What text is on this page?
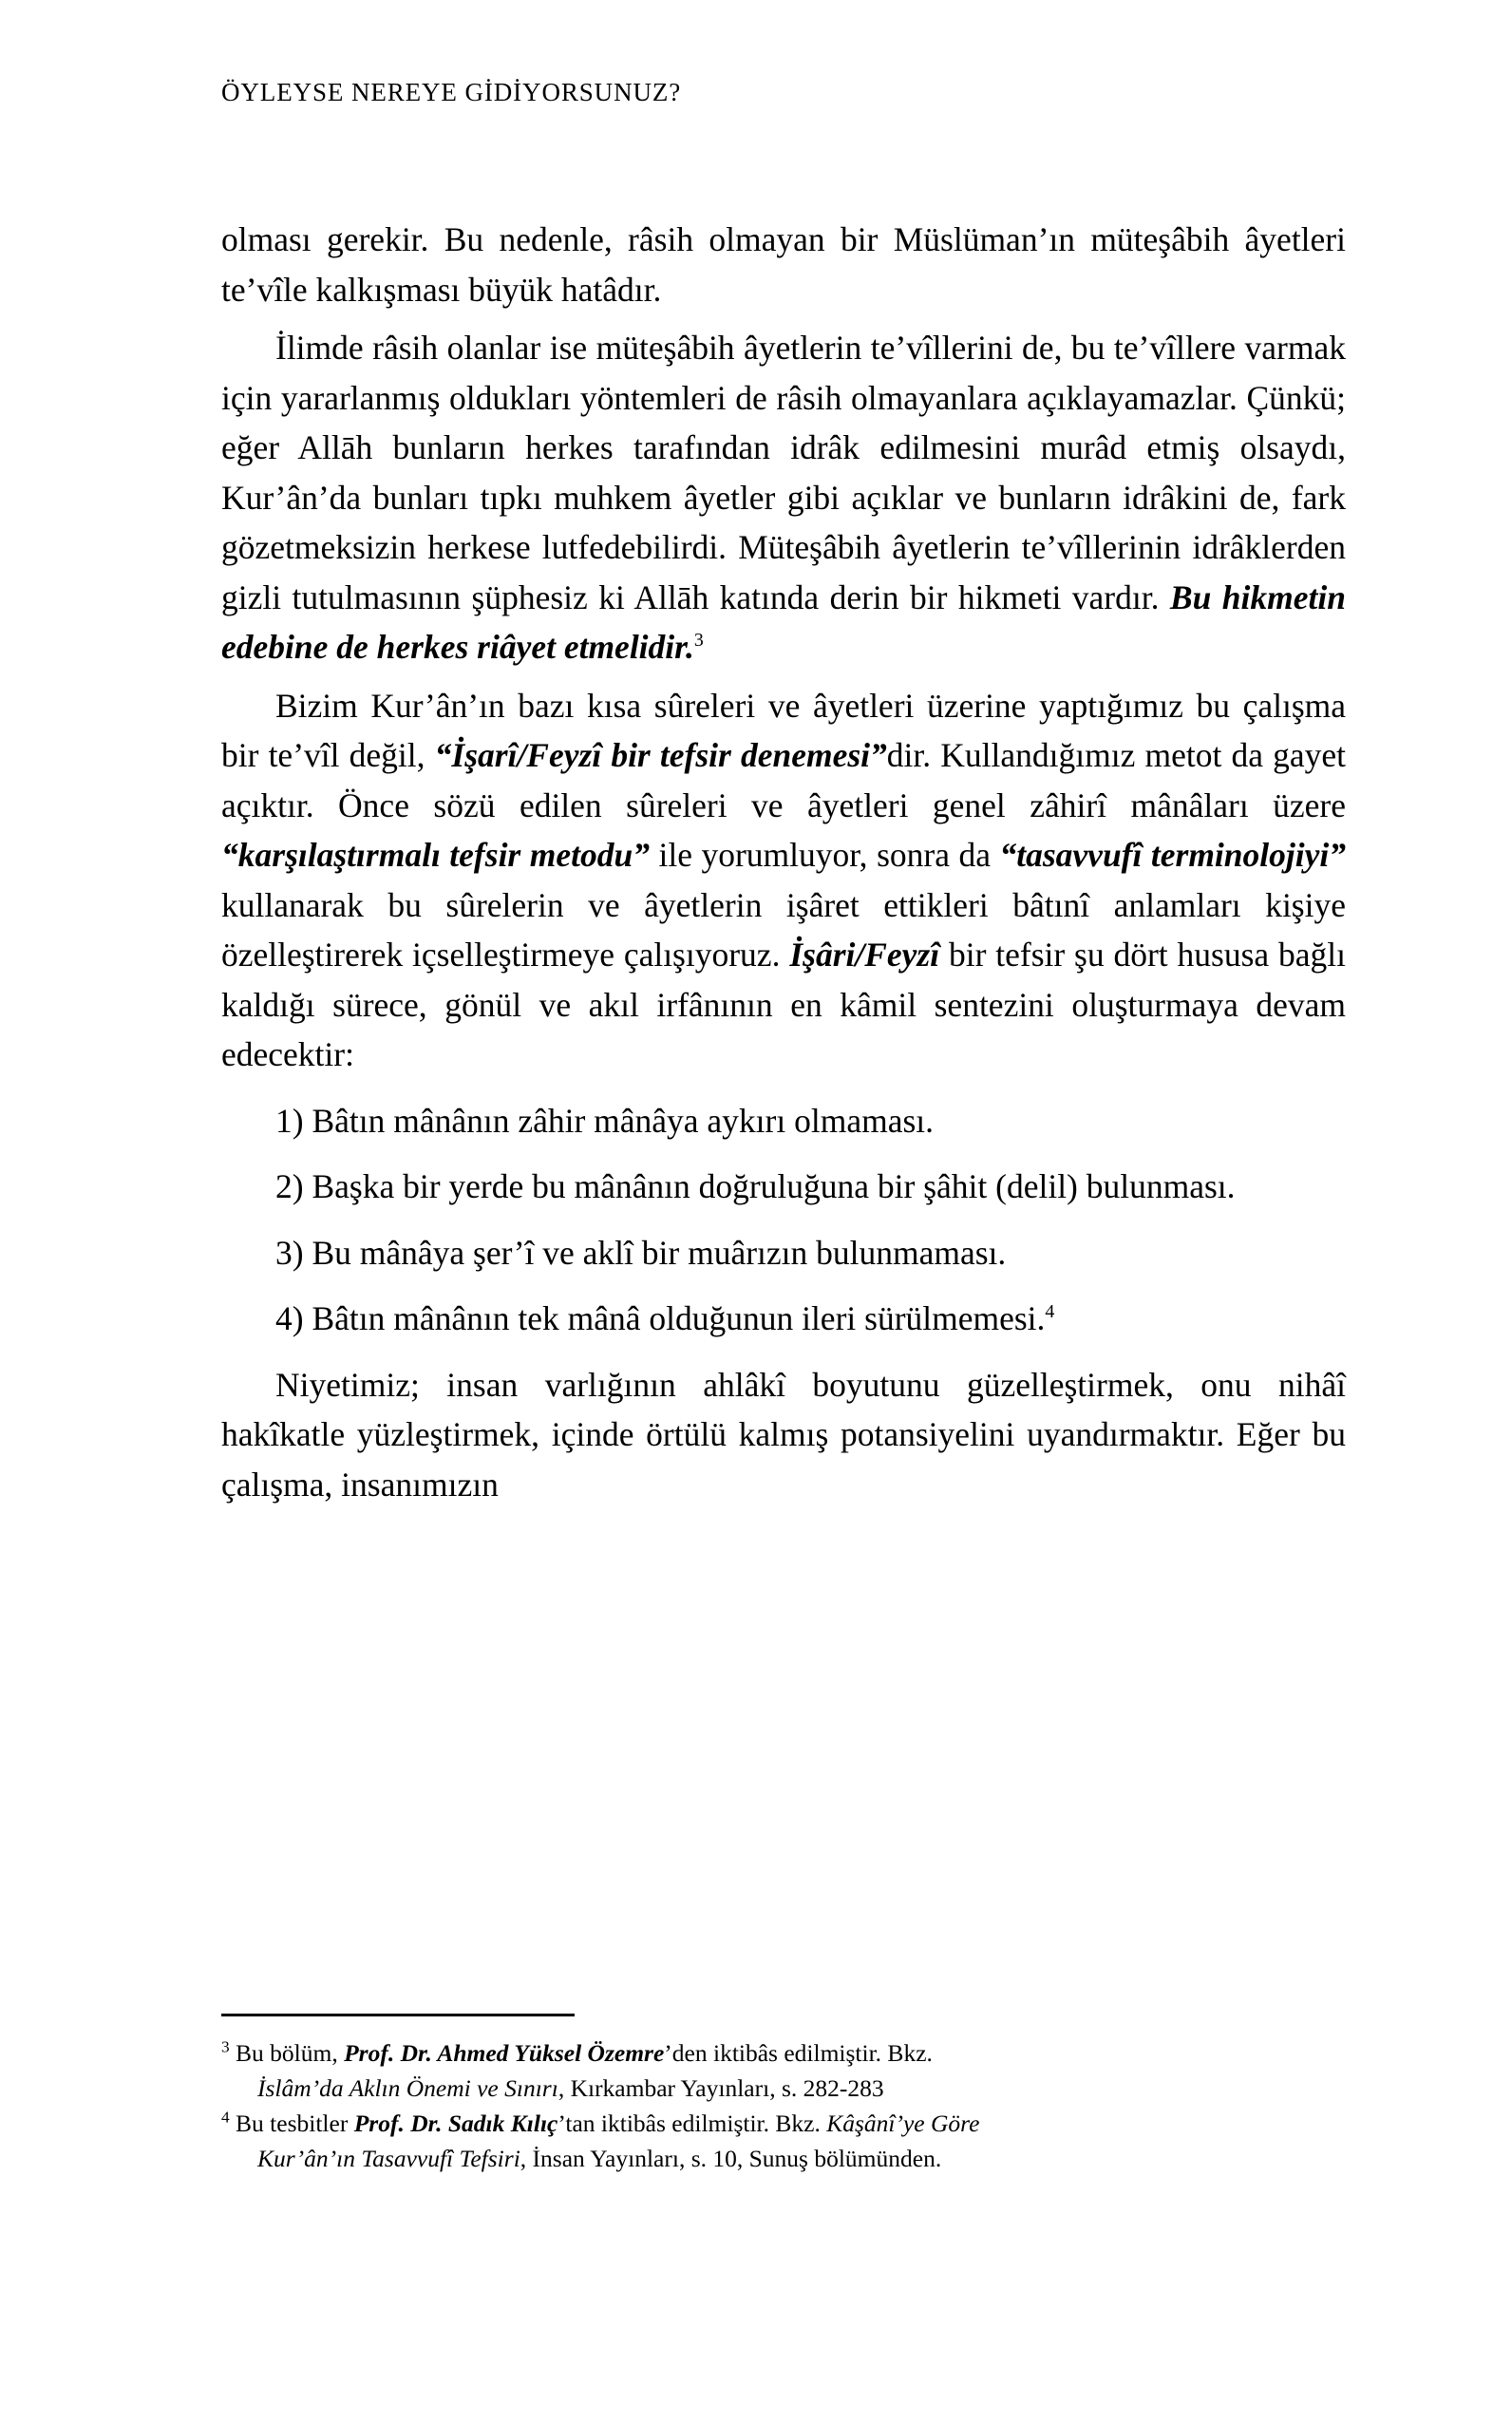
ÖYLEYSE NEREYE GİDİYORSUNUZ?

olması gerekir. Bu nedenle, râsih olmayan bir Müslüman’ın müteşâbih âyetleri te’vîle kalkışması büyük hatâdır.

İlimde râsih olanlar ise müteşâbih âyetlerin te’vîllerini de, bu te’vîllere varmak için yararlanmış oldukları yöntemleri de râsih olmayanlara açıklayamazlar. Çünkü; eğer Allāh bunların herkes tarafından idrâk edilmesini murâd etmiş olsaydı, Kur’ân’da bunları tıpkı muhkem âyetler gibi açıklar ve bunların idrâkini de, fark gözetmeksizin herkese lutfedebilirdi. Müteşâbih âyetlerin te’vîllerinin idrâklerden gizli tutulmasının şüphesiz ki Allāh katında derin bir hikmeti vardır. Bu hikmetin edebine de herkes riâyet etmelidir.$^3$

Bizim Kur’ân’ın bazı kısa sûreleri ve âyetleri üzerine yaptığımız bu çalışma bir te’vîl değil, “İşarî/Feyzî bir tefsir denemesi”dir. Kullandığımız metot da gayet açıktır. Önce sözü edilen sûreleri ve âyetleri genel zâhirî mânâları üzere “karşılaştırmalı tefsir metodu” ile yorumluyor, sonra da “tasavvufî terminolojiyi” kullanarak bu sûrelerin ve âyetlerin işâret ettikleri bâtınî anlamları kişiye özelleştirerek içselleştirmeye çalışıyoruz. İşâri/Feyzî bir tefsir şu dört hususa bağlı kaldığı sürece, gönül ve akıl irfânının en kâmil sentezini oluşturmaya devam edecektir:

1) Bâtın mânânın zâhir mânâya aykırı olmaması.

2) Başka bir yerde bu mânânın doğruluğuna bir şâhit (delil) bulunması.

3) Bu mânâya şer’î ve aklî bir muârızın bulunmaması.

4) Bâtın mânânın tek mânâ olduğunun ileri sürülmemesi.$^4$

Niyetimiz; insan varlığının ahlâkî boyutunu güzelleştirmek, onu nihâî hakîkatle yüzleştirmek, içinde örtülü kalmış potansiyelini uyandırmaktır. Eğer bu çalışma, insanımızın

$^3$ Bu bölüm, Prof. Dr. Ahmed Yüksel Özemre’den iktibâs edilmiştir. Bkz.

İslâm’da Aklın Önemi ve Sınırı, Kırkambar Yayınları, s. 282-283

$^4$ Bu tesbitler Prof. Dr. Sadık Kılıç’tan iktibâs edilmiştir. Bkz. Kâşânî’ye Göre

Kur’ân’ın Tasavvufî Tefsiri, İnsan Yayınları, s. 10, Sunuş bölümünden.
